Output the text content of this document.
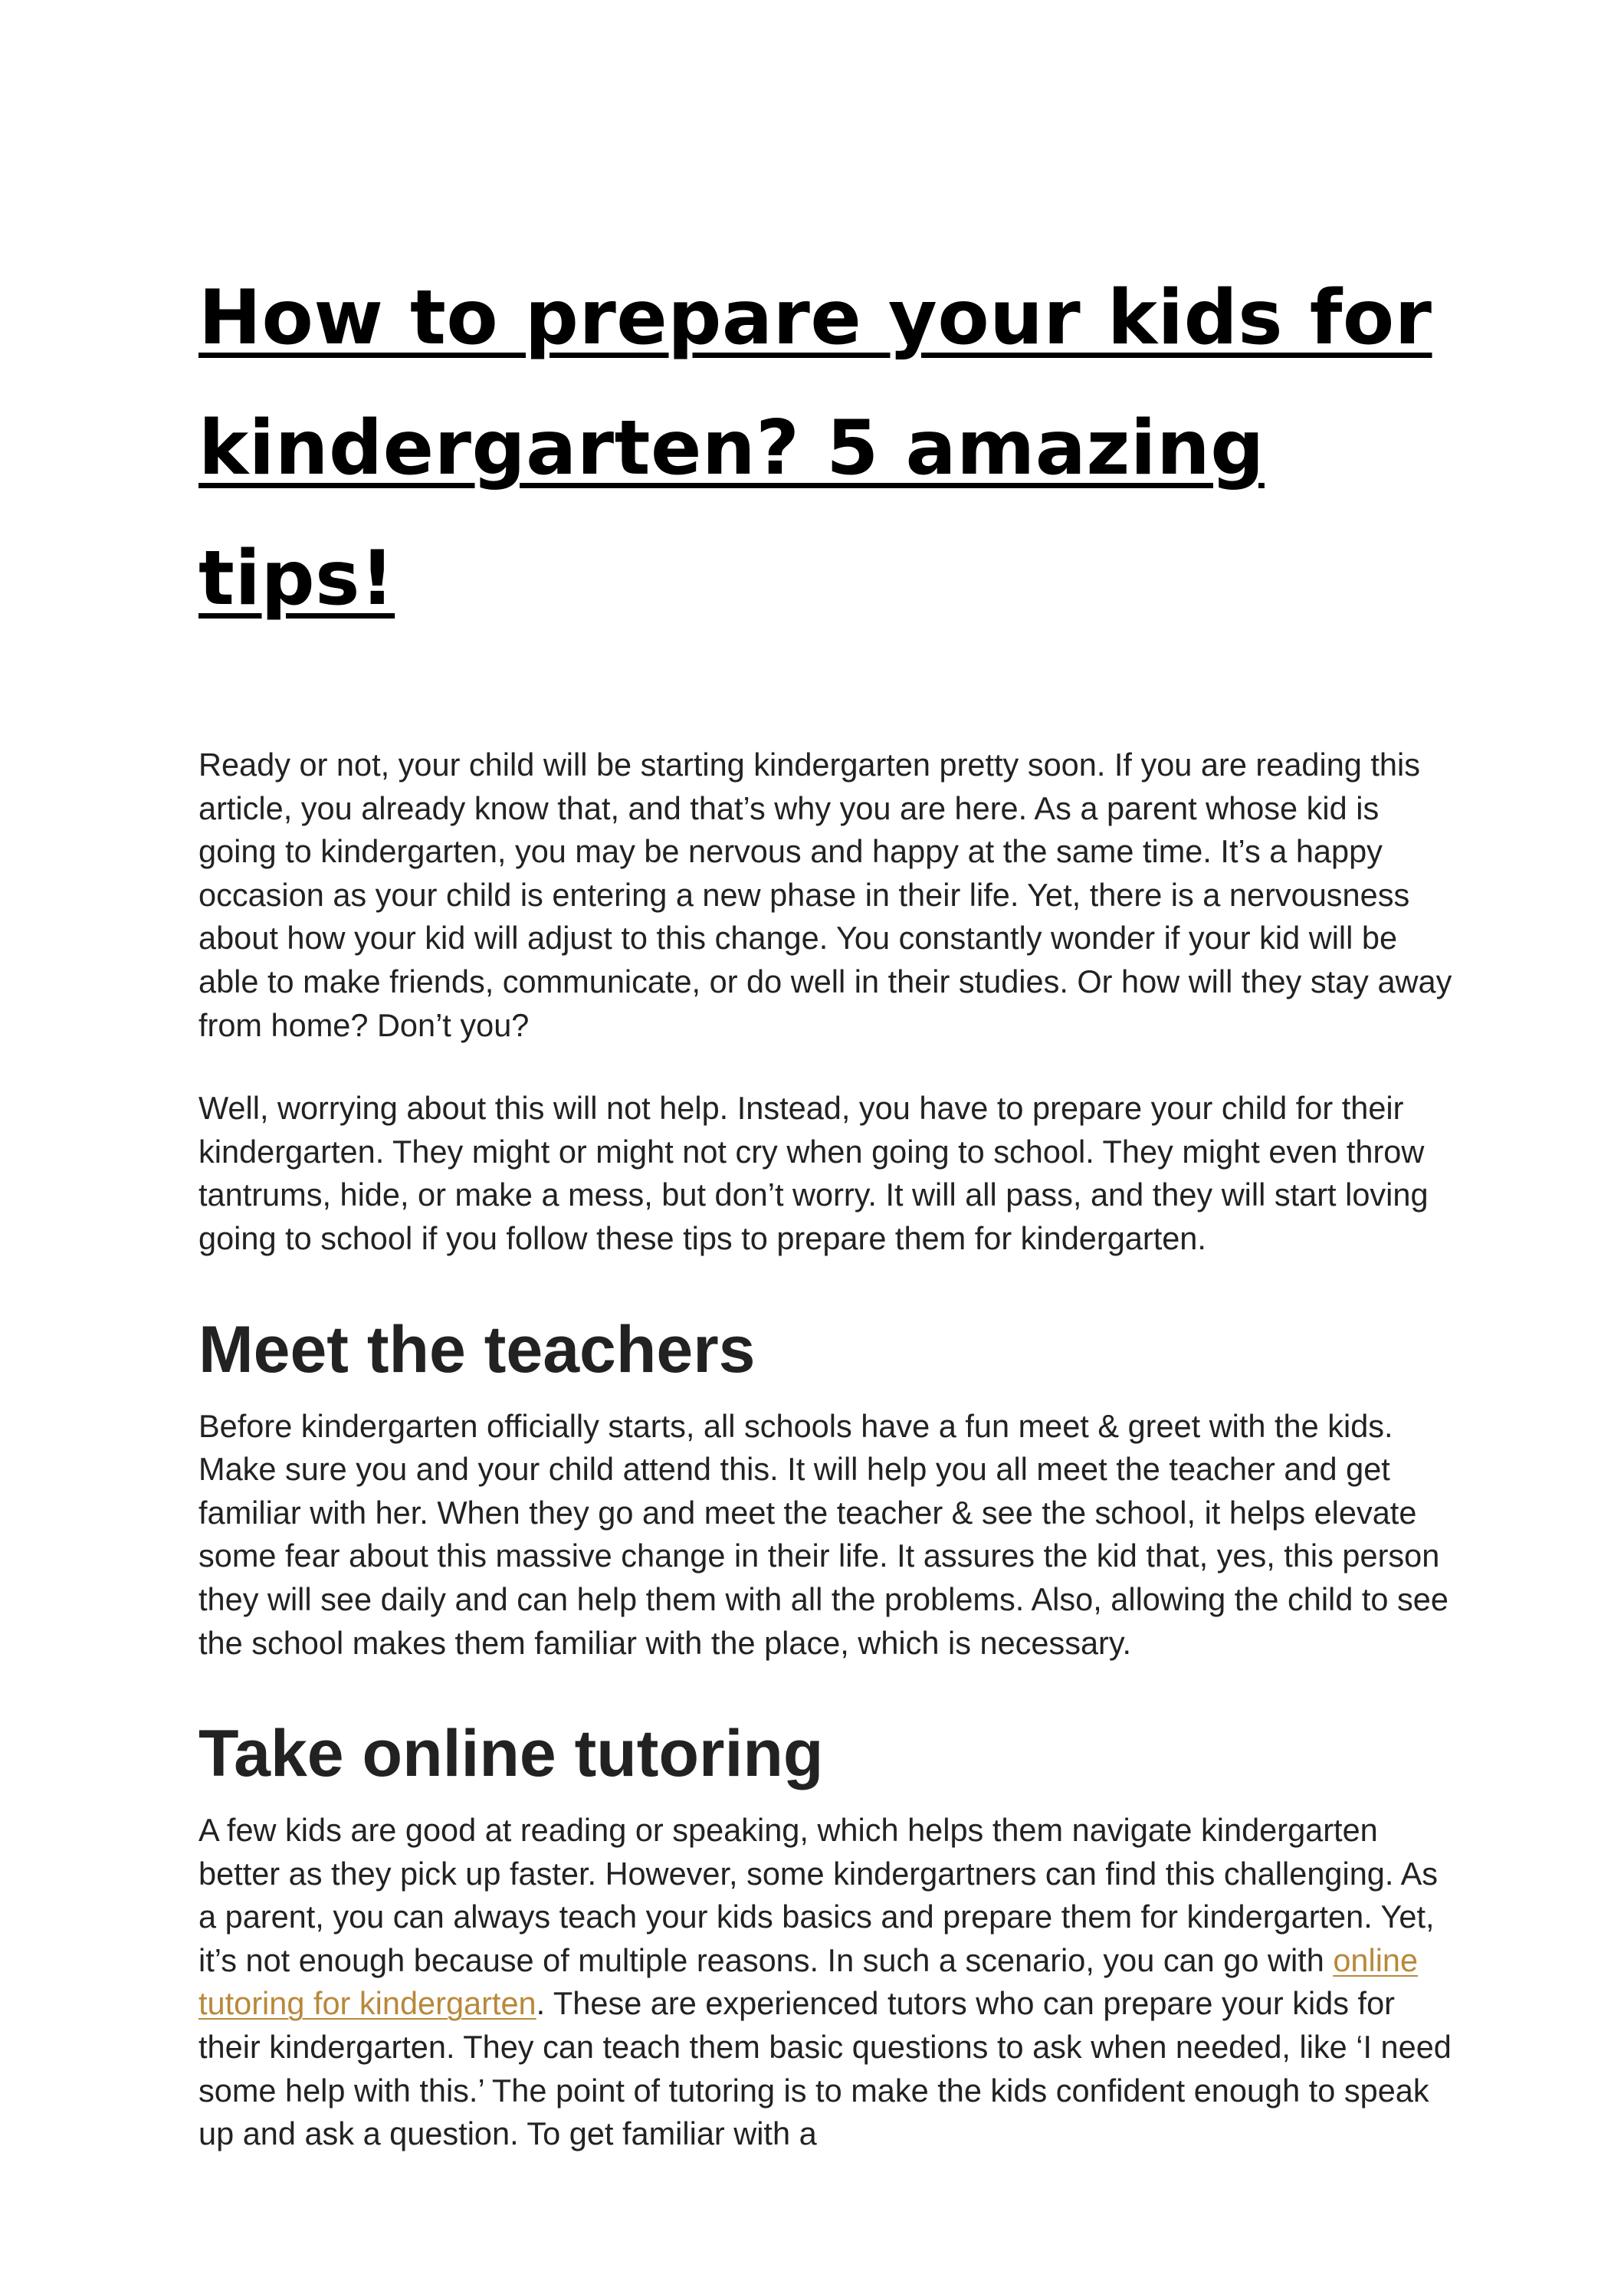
How to prepare your kids for kindergarten? 5 amazing tips!

Ready or not, your child will be starting kindergarten pretty soon. If you are reading this article, you already know that, and that’s why you are here. As a parent whose kid is going to kindergarten, you may be nervous and happy at the same time. It’s a happy occasion as your child is entering a new phase in their life. Yet, there is a nervousness about how your kid will adjust to this change. You constantly wonder if your kid will be able to make friends, communicate, or do well in their studies. Or how will they stay away from home? Don’t you?

Well, worrying about this will not help. Instead, you have to prepare your child for their kindergarten. They might or might not cry when going to school. They might even throw tantrums, hide, or make a mess, but don’t worry. It will all pass, and they will start loving going to school if you follow these tips to prepare them for kindergarten.

Meet the teachers

Before kindergarten officially starts, all schools have a fun meet & greet with the kids. Make sure you and your child attend this. It will help you all meet the teacher and get familiar with her. When they go and meet the teacher & see the school, it helps elevate some fear about this massive change in their life. It assures the kid that, yes, this person they will see daily and can help them with all the problems. Also, allowing the child to see the school makes them familiar with the place, which is necessary.

Take online tutoring

A few kids are good at reading or speaking, which helps them navigate kindergarten better as they pick up faster. However, some kindergartners can find this challenging. As a parent, you can always teach your kids basics and prepare them for kindergarten. Yet, it’s not enough because of multiple reasons. In such a scenario, you can go with online tutoring for kindergarten. These are experienced tutors who can prepare your kids for their kindergarten. They can teach them basic questions to ask when needed, like ‘I need some help with this.’ The point of tutoring is to make the kids confident enough to speak up and ask a question. To get familiar with a
